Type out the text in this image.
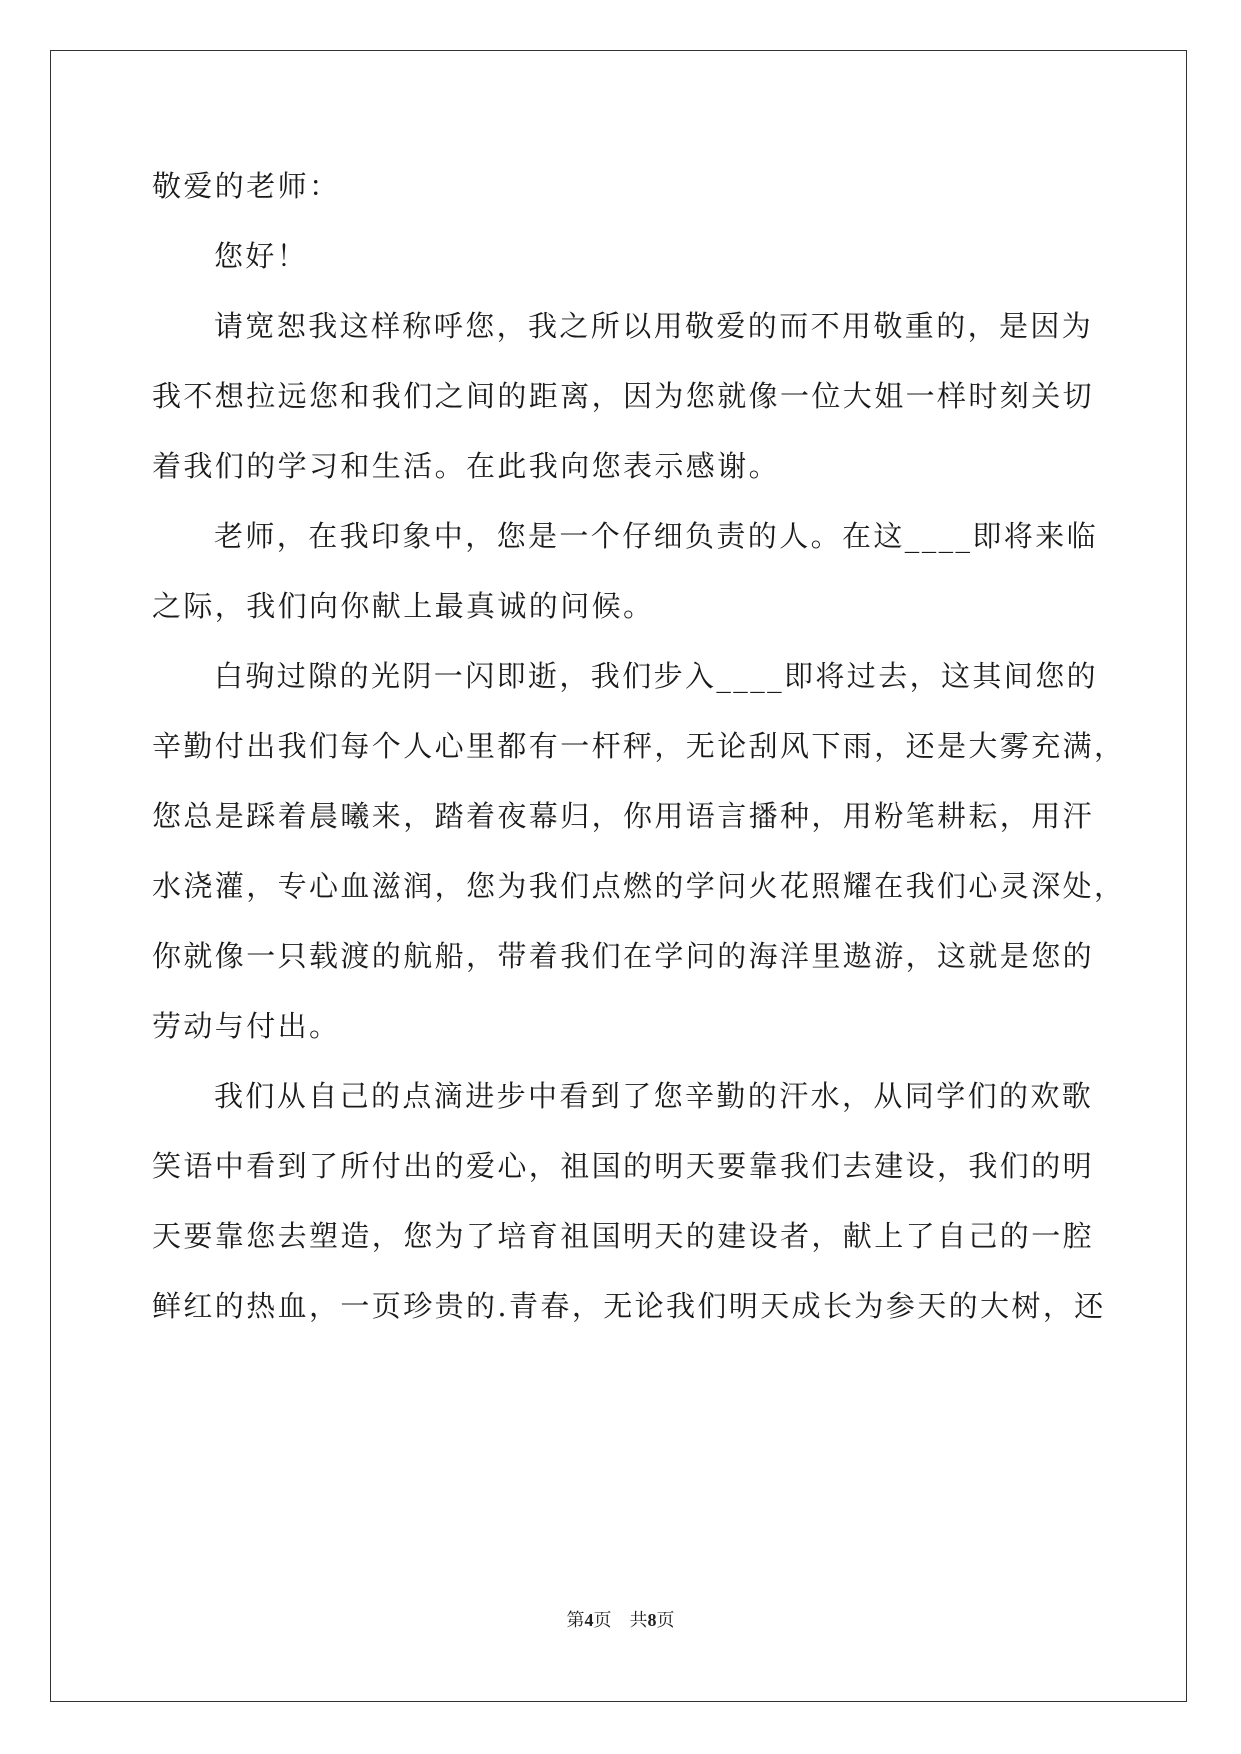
敬爱的老师：
您好！
请宽恕我这样称呼您，我之所以用敬爱的而不用敬重的，是因为
我不想拉远您和我们之间的距离，因为您就像一位大姐一样时刻关切
着我们的学习和生活。在此我向您表示感谢。
老师，在我印象中，您是一个仔细负责的人。在这____即将来临
之际，我们向你献上最真诚的问候。
白驹过隙的光阴一闪即逝，我们步入____即将过去，这其间您的
辛勤付出我们每个人心里都有一杆秤，无论刮风下雨，还是大雾充满，
您总是踩着晨曦来，踏着夜幕归，你用语言播种，用粉笔耕耘，用汗
水浇灌，专心血滋润，您为我们点燃的学问火花照耀在我们心灵深处，
你就像一只载渡的航船，带着我们在学问的海洋里遨游，这就是您的
劳动与付出。
我们从自己的点滴进步中看到了您辛勤的汗水，从同学们的欢歌
笑语中看到了所付出的爱心，祖国的明天要靠我们去建设，我们的明
天要靠您去塑造，您为了培育祖国明天的建设者，献上了自己的一腔
鲜红的热血，一页珍贵的.青春，无论我们明天成长为参天的大树，还
第4页 共8页
